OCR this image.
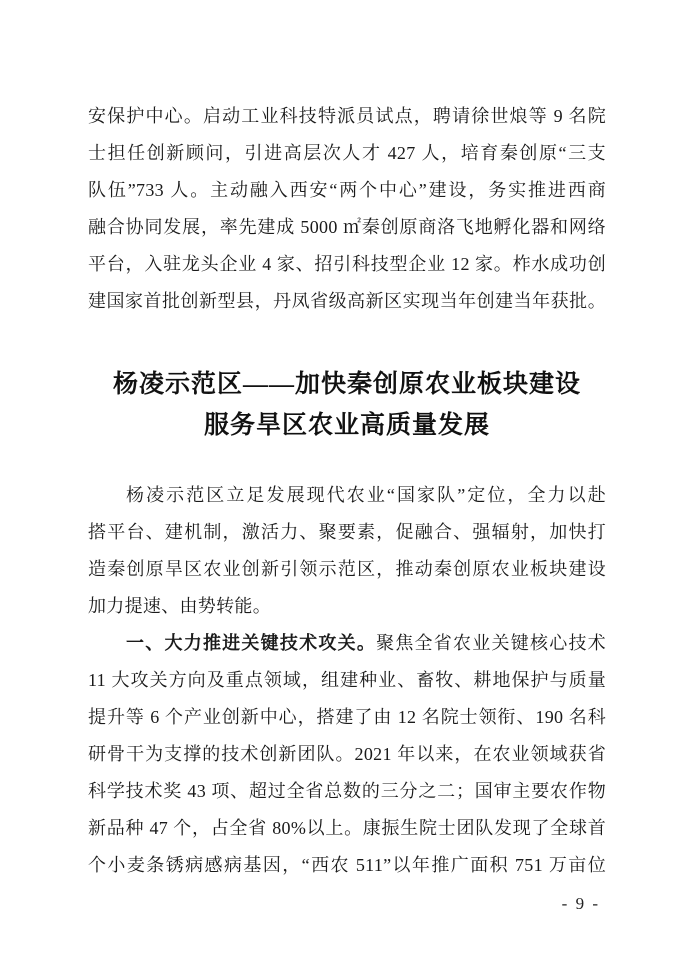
安保护中心。启动工业科技特派员试点，聘请徐世烺等 9 名院
士担任创新顾问，引进高层次人才 427 人，培育秦创原“三支
队伍”733 人。主动融入西安“两个中心”建设，务实推进西商
融合协同发展，率先建成 5000 ㎡秦创原商洛飞地孵化器和网络
平台，入驻龙头企业 4 家、招引科技型企业 12 家。柞水成功创
建国家首批创新型县，丹凤省级高新区实现当年创建当年获批。
杨凌示范区——加快秦创原农业板块建设
服务旱区农业高质量发展
杨凌示范区立足发展现代农业“国家队”定位，全力以赴
搭平台、建机制，激活力、聚要素，促融合、强辐射，加快打
造秦创原旱区农业创新引领示范区，推动秦创原农业板块建设
加力提速、由势转能。
一、大力推进关键技术攻关。聚焦全省农业关键核心技术
11 大攻关方向及重点领域，组建种业、畜牧、耕地保护与质量
提升等 6 个产业创新中心，搭建了由 12 名院士领衔、190 名科
研骨干为支撑的技术创新团队。2021 年以来，在农业领域获省
科学技术奖 43 项、超过全省总数的三分之二；国审主要农作物
新品种 47 个，占全省 80%以上。康振生院士团队发现了全球首
个小麦条锈病感病基因，“西农 511”以年推广面积 751 万亩位
- 9 -
